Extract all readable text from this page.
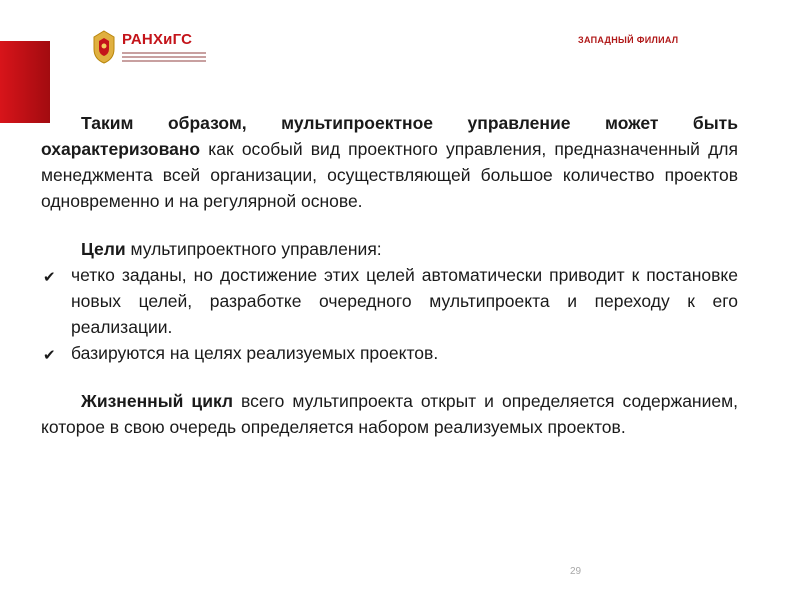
РАНХиГС	ЗАПАДНЫЙ ФИЛИАЛ

Таким образом, мультипроектное управление может быть охарактеризовано как особый вид проектного управления, предназначенный для менеджмента всей организации, осуществляющей большое количество проектов одновременно и на регулярной основе.

Цели мультипроектного управления:

✔ четко заданы, но достижение этих целей автоматически приводит к постановке новых целей, разработке очередного мультипроекта и переходу к его реализации.
✔ базируются на целях реализуемых проектов.

Жизненный цикл всего мультипроекта открыт и определяется содержанием, которое в свою очередь определяется набором реализуемых проектов.

29
